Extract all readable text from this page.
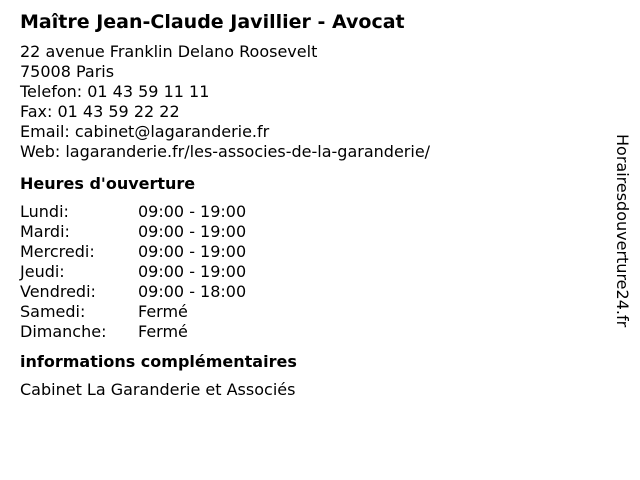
Maître Jean-Claude Javillier - Avocat
22 avenue Franklin Delano Roosevelt
75008 Paris
Telefon: 01 43 59 11 11
Fax: 01 43 59 22 22
Email: cabinet@lagaranderie.fr
Web: lagaranderie.fr/les-associes-de-la-garanderie/
Heures d'ouverture
Lundi:	09:00 - 19:00
Mardi:	09:00 - 19:00
Mercredi:	09:00 - 19:00
Jeudi:	09:00 - 19:00
Vendredi:	09:00 - 18:00
Samedi:	Fermé
Dimanche: Fermé
informations complémentaires
Cabinet La Garanderie et Associés
Horairesdouverture24.fr
